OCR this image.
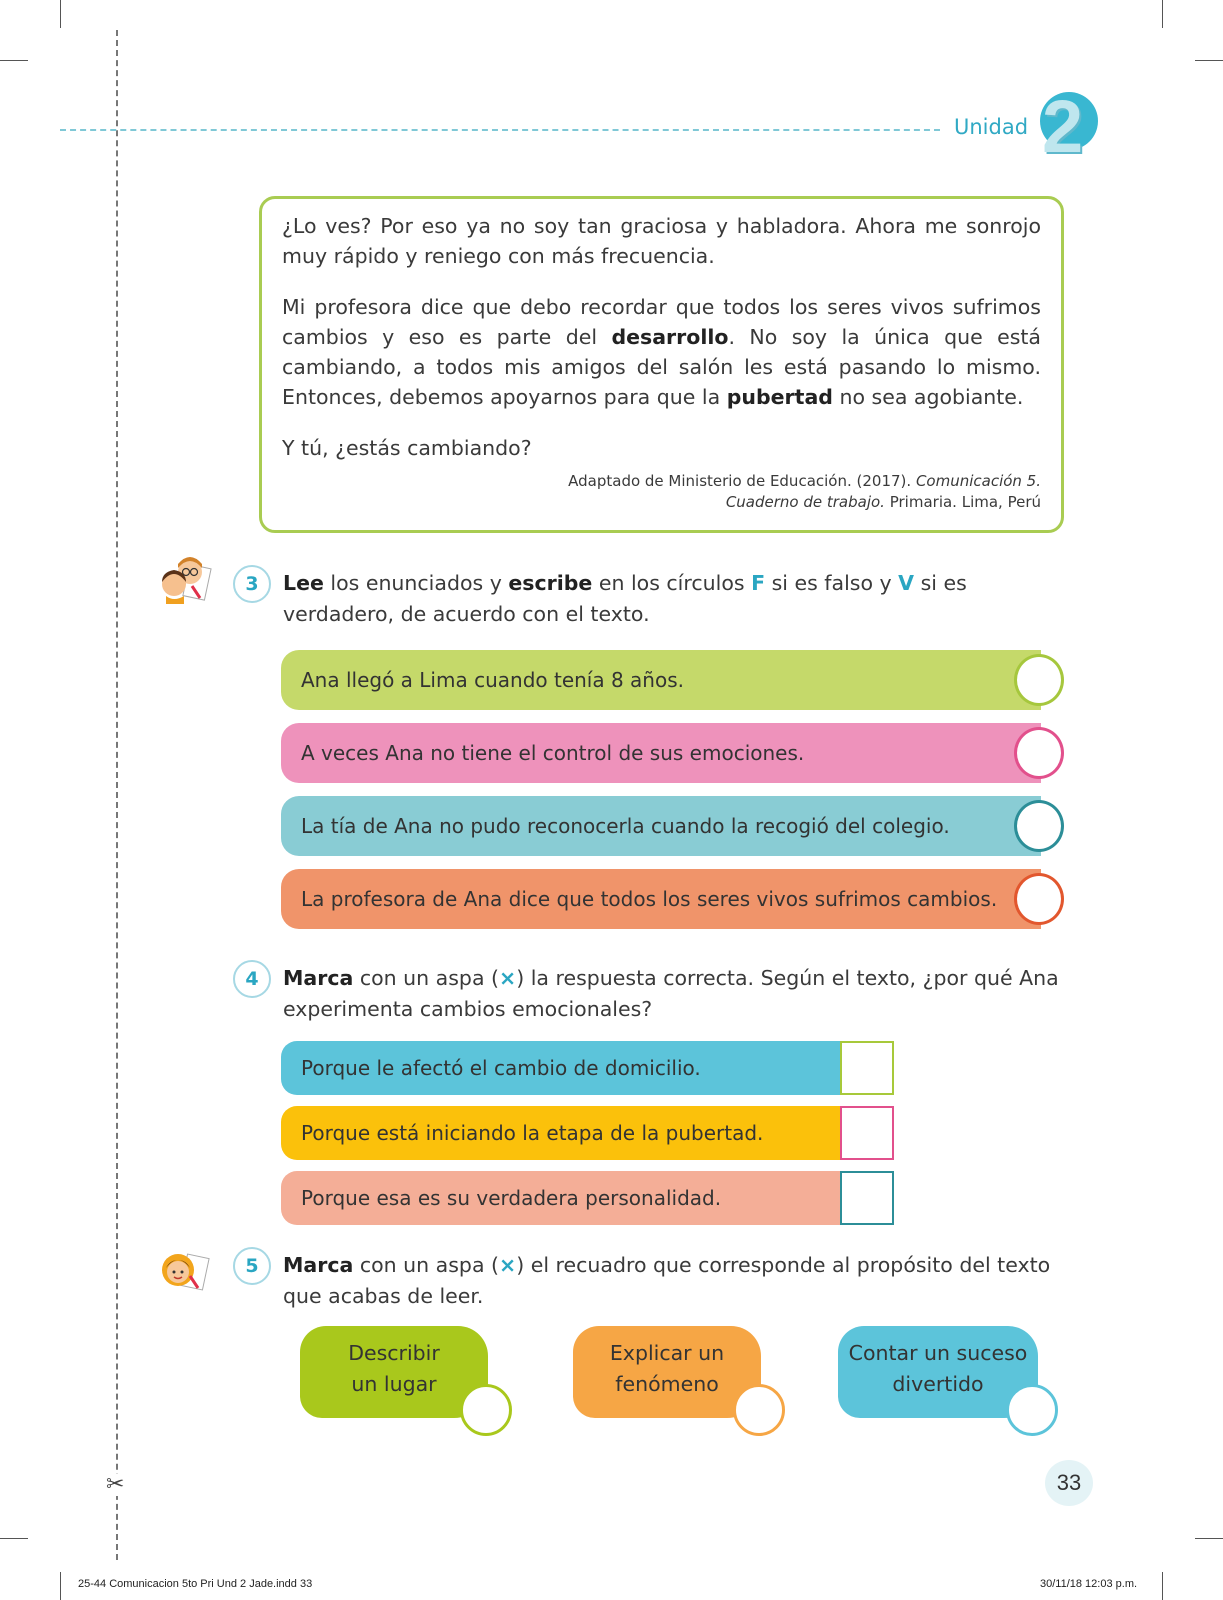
✂
Unidad 2

¿Lo ves? Por eso ya no soy tan graciosa y habladora. Ahora me sonrojo muy rápido y reniego con más frecuencia.

Mi profesora dice que debo recordar que todos los seres vivos sufrimos cambios y eso es parte del desarrollo. No soy la única que está cambiando, a todos mis amigos del salón les está pasando lo mismo. Entonces, debemos apoyarnos para que la pubertad no sea agobiante.

Y tú, ¿estás cambiando?

Adaptado de Ministerio de Educación. (2017). Comunicación 5.
Cuaderno de trabajo. Primaria. Lima, Perú
3	Lee los enunciados y escribe en los círculos F si es falso y V si es verdadero, de acuerdo con el texto.
Ana llegó a Lima cuando tenía 8 años.
A veces Ana no tiene el control de sus emociones.
La tía de Ana no pudo reconocerla cuando la recogió del colegio.
La profesora de Ana dice que todos los seres vivos sufrimos cambios.
4	Marca con un aspa (×) la respuesta correcta. Según el texto, ¿por qué Ana experimenta cambios emocionales?
Porque le afectó el cambio de domicilio.
Porque está iniciando la etapa de la pubertad.
Porque esa es su verdadera personalidad.
5	Marca con un aspa (×) el recuadro que corresponde al propósito del texto que acabas de leer.
Describir
un lugar
Explicar un
fenómeno
Contar un suceso
divertido
33
25-44 Comunicacion 5to Pri Und 2 Jade.indd 33	30/11/18 12:03 p.m.
